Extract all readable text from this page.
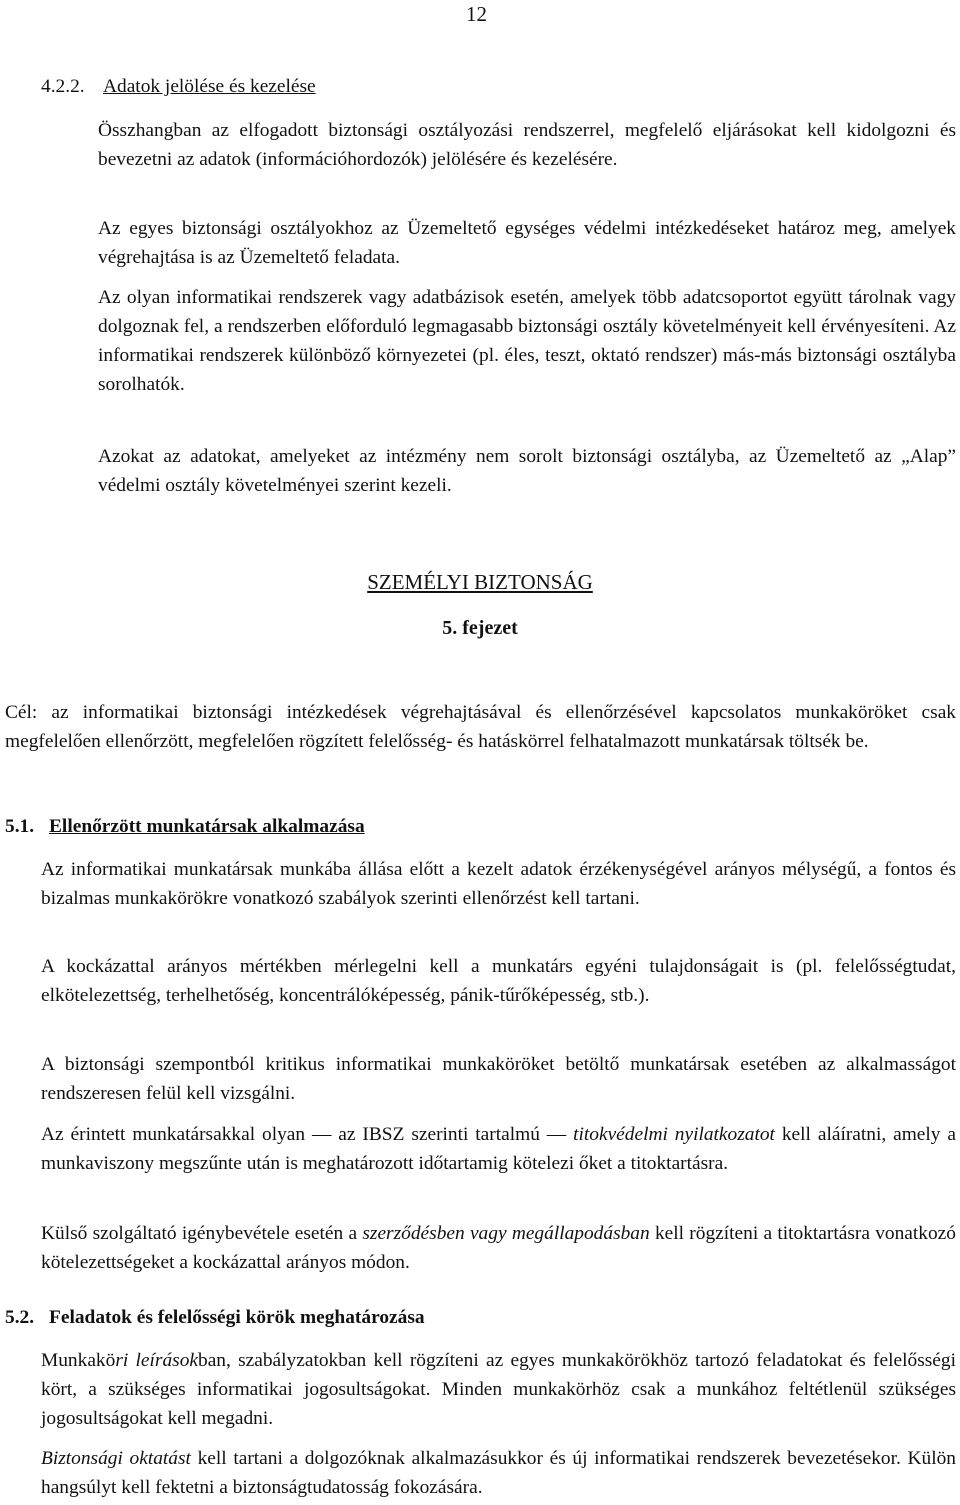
12
4.2.2. Adatok jelölése és kezelése

Összhangban az elfogadott biztonsági osztályozási rendszerrel, megfelelő eljárásokat kell kidolgozni és bevezetni az adatok (információhordozók) jelölésére és kezelésére.

Az egyes biztonsági osztályokhoz az Üzemeltető egységes védelmi intézkedéseket határoz meg, amelyek végrehajtása is az Üzemeltető feladata.

Az olyan informatikai rendszerek vagy adatbázisok esetén, amelyek több adatcsoportot együtt tárolnak vagy dolgoznak fel, a rendszerben előforduló legmagasabb biztonsági osztály követelményeit kell érvényesíteni. Az informatikai rendszerek különböző környezetei (pl. éles, teszt, oktató rendszer) más-más biztonsági osztályba sorolhatók.

Azokat az adatokat, amelyeket az intézmény nem sorolt biztonsági osztályba, az Üzemeltető az „Alap” védelmi osztály követelményei szerint kezeli.

SZEMÉLYI BIZTONSÁG
5. fejezet

Cél: az informatikai biztonsági intézkedések végrehajtásával és ellenőrzésével kapcsolatos munkaköröket csak megfelelően ellenőrzött, megfelelően rögzített felelősség- és hatáskörrel felhatalmazott munkatársak töltsék be.

5.1. Ellenőrzött munkatársak alkalmazása

Az informatikai munkatársak munkába állása előtt a kezelt adatok érzékenységével arányos mélységű, a fontos és bizalmas munkakörökre vonatkozó szabályok szerinti ellenőrzést kell tartani.

A kockázattal arányos mértékben mérlegelni kell a munkatárs egyéni tulajdonságait is (pl. felelősségtudat, elkötelezettség, terhelhetőség, koncentrálóképesség, pánik-tűrőképesség, stb.).

A biztonsági szempontból kritikus informatikai munkaköröket betöltő munkatársak esetében az alkalmasságot rendszeresen felül kell vizsgálni.

Az érintett munkatársakkal olyan — az IBSZ szerinti tartalmú — titokvédelmi nyilatkozatot kell aláíratni, amely a munkaviszony megszűnte után is meghatározott időtartamig kötelezi őket a titoktartásra.

Külső szolgáltató igénybevétele esetén a szerződésben vagy megállapodásban kell rögzíteni a titoktartásra vonatkozó kötelezettségeket a kockázattal arányos módon.

5.2. Feladatok és felelősségi körök meghatározása

Munkaköri leírásokban, szabályzatokban kell rögzíteni az egyes munkakörökhöz tartozó feladatokat és felelősségi kört, a szükséges informatikai jogosultságokat. Minden munkakörhöz csak a munkához feltétlenül szükséges jogosultságokat kell megadni.

Biztonsági oktatást kell tartani a dolgozóknak alkalmazásukkor és új informatikai rendszerek bevezetésekor. Külön hangsúlyt kell fektetni a biztonságtudatosság fokozására.
